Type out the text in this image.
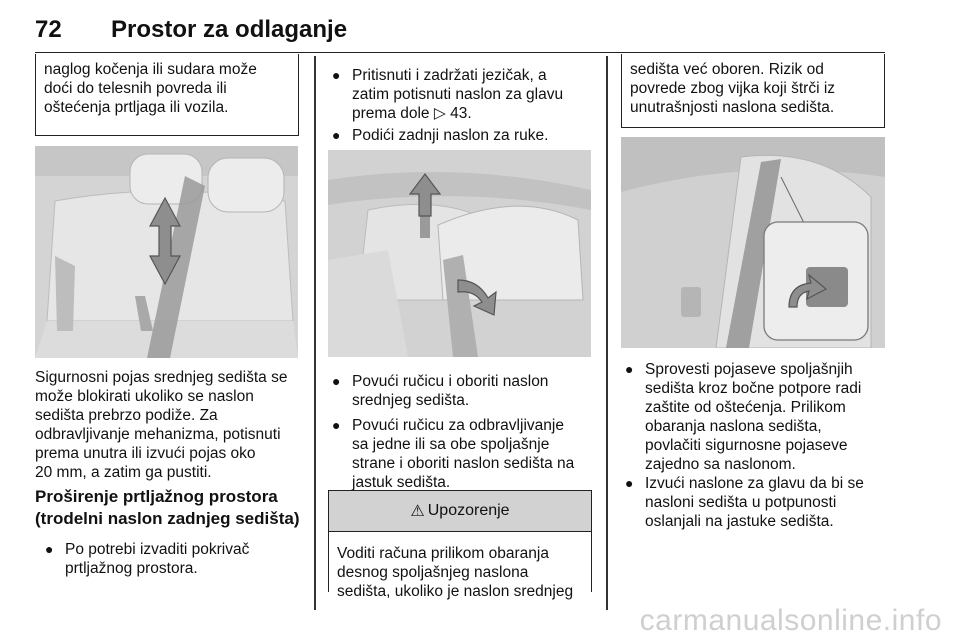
72 Prostor za odlaganje
naglog kočenja ili sudara može
doći do telesnih povreda ili
oštećenja prtljaga ili vozila.
Sigurnosni pojas srednjeg sedišta se
može blokirati ukoliko se naslon
sedišta prebrzo podiže. Za
odbravljivanje mehanizma, potisnuti
prema unutra ili izvući pojas oko
20 mm, a zatim ga pustiti.
Proširenje prtljažnog prostora
(trodelni naslon zadnjeg sedišta)
● Po potrebi izvaditi pokrivač
prtljažnog prostora.
● Pritisnuti i zadržati jezičak, a
zatim potisnuti naslon za glavu
prema dole ▷ 43.
● Podići zadnji naslon za ruke.
● Povući ručicu i oboriti naslon
srednjeg sedišta.
● Povući ručicu za odbravljivanje
sa jedne ili sa obe spoljašnje
strane i oboriti naslon sedišta na
jastuk sedišta.
⚠ Upozorenje
Voditi računa prilikom obaranja
desnog spoljašnjeg naslona
sedišta, ukoliko je naslon srednjeg
sedišta već oboren. Rizik od
povrede zbog vijka koji štrči iz
unutrašnjosti naslona sedišta.
● Sprovesti pojaseve spoljašnjih
sedišta kroz bočne potpore radi
zaštite od oštećenja. Prilikom
obaranja naslona sedišta,
povlačiti sigurnosne pojaseve
zajedno sa naslonom.
● Izvući naslone za glavu da bi se
nasloni sedišta u potpunosti
oslanjali na jastuke sedišta.
carmanualsonline.info
